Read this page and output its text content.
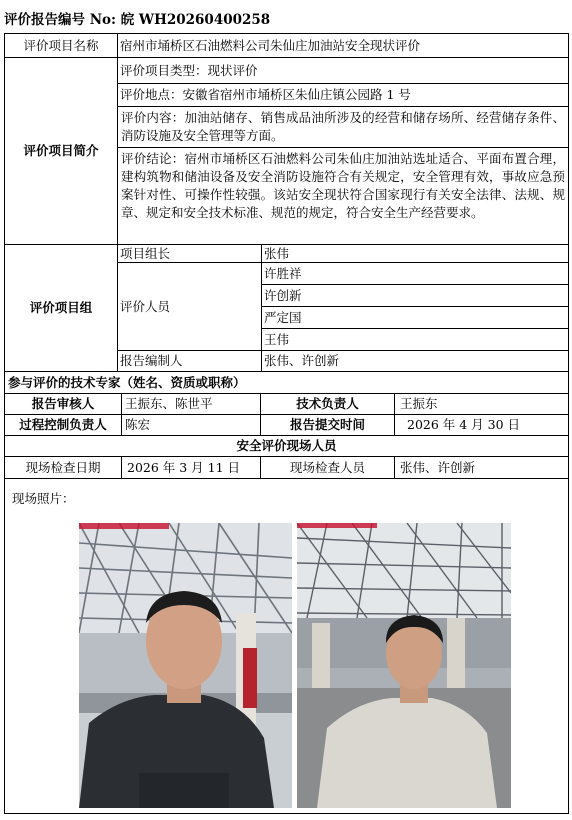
评价报告编号 No: 皖 WH20260400258
评价项目名称	宿州市埇桥区石油燃料公司朱仙庄加油站安全现状评价
评价项目简介
评价项目类型：现状评价
评价地点：安徽省宿州市埇桥区朱仙庄镇公园路 1 号
评价内容：加油站储存、销售成品油所涉及的经营和储存场所、经营储存条件、消防设施及安全管理等方面。
评价结论：宿州市埇桥区石油燃料公司朱仙庄加油站选址适合、平面布置合理，建构筑物和储油设备及安全消防设施符合有关规定，安全管理有效，事故应急预案针对性、可操作性较强。该站安全现状符合国家现行有关安全法律、法规、规章、规定和安全技术标准、规范的规定，符合安全生产经营要求。
评价项目组
项目组长	张伟
评价人员
许胜祥
许创新
严定国
王伟
报告编制人	张伟、许创新
参与评价的技术专家（姓名、资质或职称）
报告审核人	王振东、陈世平	技术负责人	王振东
过程控制负责人	陈宏	报告提交时间	2026 年 4 月 30 日
安全评价现场人员
现场检查日期	2026 年 3 月 11 日	现场检查人员	张伟、许创新
现场照片：
